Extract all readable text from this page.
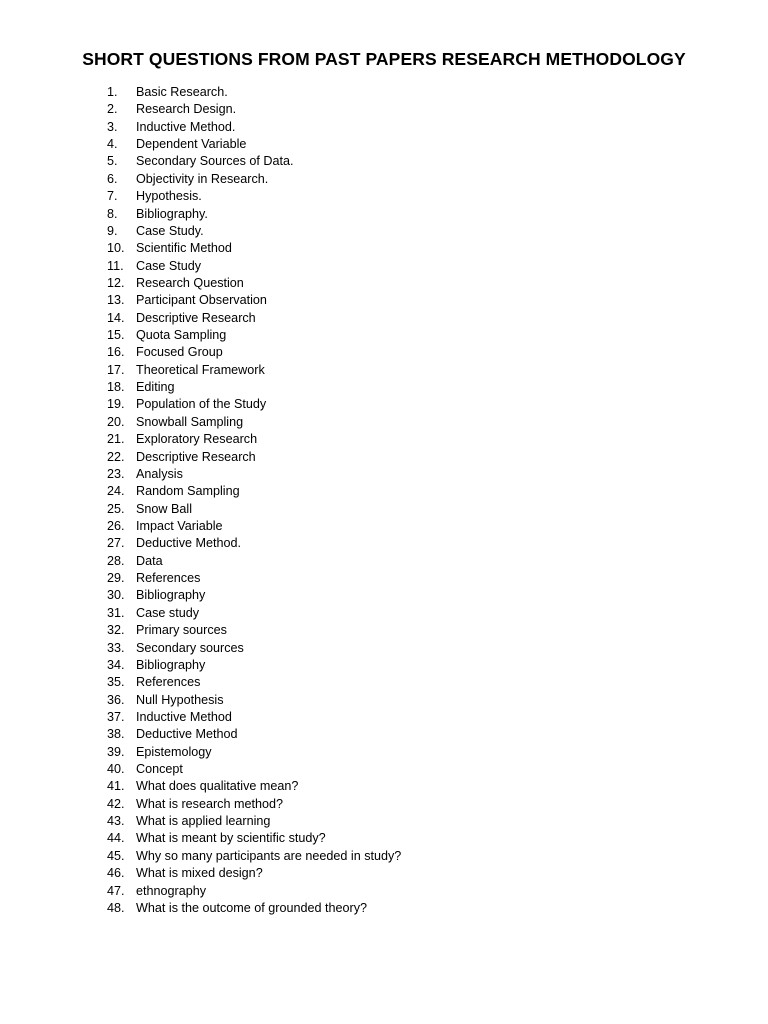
SHORT QUESTIONS FROM PAST PAPERS RESEARCH METHODOLOGY
1.	Basic Research.
2.	Research Design.
3.	Inductive Method.
4.	Dependent Variable
5.	Secondary Sources of Data.
6.	Objectivity in Research.
7.	Hypothesis.
8.	Bibliography.
9.	Case Study.
10. Scientific Method
11. Case Study
12. Research Question
13. Participant Observation
14. Descriptive Research
15. Quota Sampling
16. Focused Group
17. Theoretical Framework
18. Editing
19. Population of the Study
20. Snowball Sampling
21. Exploratory Research
22. Descriptive Research
23. Analysis
24. Random Sampling
25. Snow Ball
26. Impact Variable
27. Deductive Method.
28. Data
29. References
30. Bibliography
31. Case study
32. Primary sources
33. Secondary sources
34. Bibliography
35. References
36. Null Hypothesis
37. Inductive Method
38. Deductive Method
39. Epistemology
40. Concept
41. What does qualitative mean?
42. What is research method?
43. What is applied learning
44. What is meant by scientific study?
45. Why so many participants are needed in study?
46. What is mixed design?
47. ethnography
48. What is the outcome of grounded theory?
